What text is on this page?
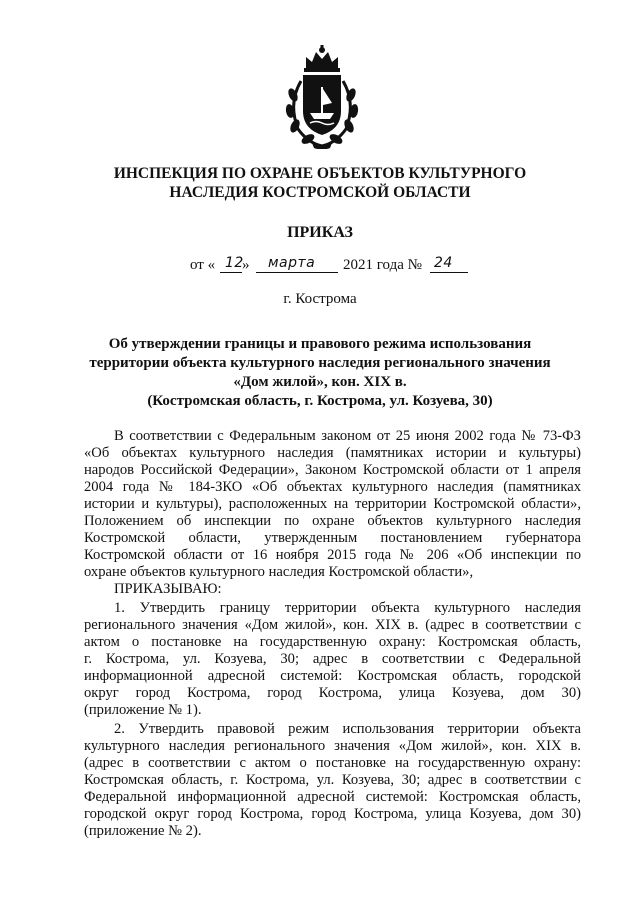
ИНСПЕКЦИЯ ПО ОХРАНЕ ОБЪЕКТОВ КУЛЬТУРНОГО
НАСЛЕДИЯ КОСТРОМСКОЙ ОБЛАСТИ
ПРИКАЗ
от « 12
» марта 2021 года № 24
г. Кострома
Об утверждении границы и правового режима использования
территории объекта культурного наследия регионального значения
«Дом жилой», кон. XIX в.
(Костромская область, г. Кострома, ул. Козуева, 30)
В соответствии с Федеральным законом от 25 июня 2002 года № 73-ФЗ
«Об объектах культурного наследия (памятниках истории и культуры)
народов Российской Федерации», Законом Костромской области от 1 апреля
2004 года № 184-ЗКО «Об объектах культурного наследия (памятниках
истории и культуры), расположенных на территории Костромской области»,
Положением об инспекции по охране объектов культурного наследия
Костромской области, утвержденным постановлением губернатора
Костромской области от 16 ноября 2015 года № 206 «Об инспекции по
охране объектов культурного наследия Костромской области»,
ПРИКАЗЫВАЮ:
1. Утвердить границу территории объекта культурного наследия
регионального значения «Дом жилой», кон. XIX в. (адрес в соответствии с
актом о постановке на государственную охрану: Костромская область,
г. Кострома, ул. Козуева, 30; адрес в соответствии с Федеральной
информационной адресной системой: Костромская область, городской
округ город Кострома, город Кострома, улица Козуева, дом 30)
(приложение № 1).
2. Утвердить правовой режим использования территории объекта
культурного наследия регионального значения «Дом жилой», кон. XIX в.
(адрес в соответствии с актом о постановке на государственную охрану:
Костромская область, г. Кострома, ул. Козуева, 30; адрес в соответствии с
Федеральной информационной адресной системой: Костромская область,
городской округ город Кострома, город Кострома, улица Козуева, дом 30)
(приложение № 2).
